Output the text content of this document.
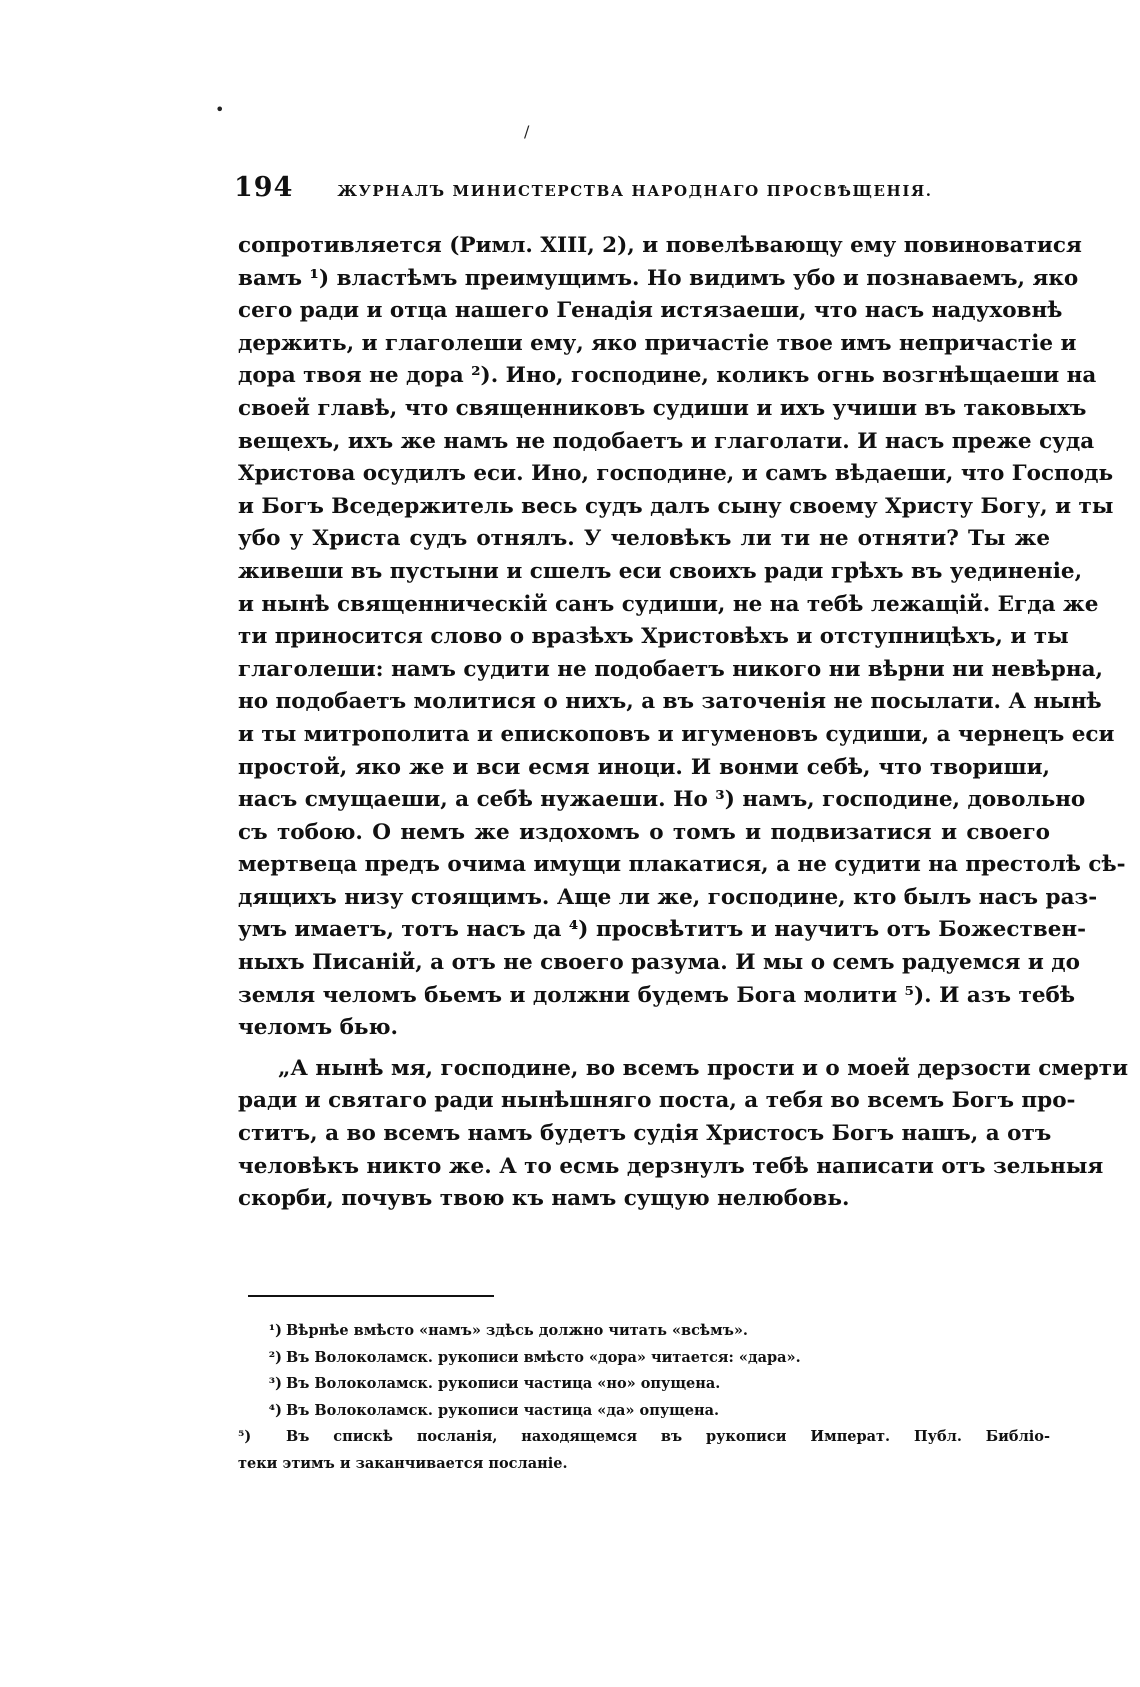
•
/
194	ЖУРНАЛЪ МИНИСТЕРСТВА НАРОДНАГО ПРОСВѢЩЕНІЯ.
сопротивляется (Римл. XIII, 2), и повелѣвающу ему повиноватися
вамъ ¹) властѣмъ преимущимъ. Но видимъ убо и познаваемъ, яко
сего ради и отца нашего Генадія истязаеши, что насъ надуховнѣ
держить, и глаголеши ему, яко причастіе твое имъ непричастіе и
дора твоя не дора ²). Ино, господине, коликъ огнь возгнѣщаеши на
своей главѣ, что священниковъ судиши и ихъ учиши въ таковыхъ
вещехъ, ихъ же намъ не подобаетъ и глаголати. И насъ преже суда
Христова осудилъ еси. Ино, господине, и самъ вѣдаеши, что Господь
и Богъ Вседержитель весь судъ далъ сыну своему Христу Богу, и ты
убо у Христа судъ отнялъ. У человѣкъ ли ти не отняти? Ты же
живеши въ пустыни и сшелъ еси своихъ ради грѣхъ въ уединеніе,
и нынѣ священническій санъ судиши, не на тебѣ лежащій. Егда же
ти приносится слово о вразѣхъ Христовѣхъ и отступницѣхъ, и ты
глаголеши: намъ судити не подобаетъ никого ни вѣрни ни невѣрна,
но подобаетъ молитися о нихъ, а въ заточенія не посылати. А нынѣ
и ты митрополита и епископовъ и игуменовъ судиши, а чернецъ еси
простой, яко же и вси есмя иноци. И вонми себѣ, что твориши,
насъ смущаеши, а себѣ нужаеши. Но ³) намъ, господине, довольно
съ тобою. О немъ же издохомъ о томъ и подвизатися и своего
мертвеца предъ очима имущи плакатися, а не судити на престолѣ сѣ-
дящихъ низу стоящимъ. Аще ли же, господине, кто былъ насъ раз-
умъ имаетъ, тотъ насъ да ⁴) просвѣтитъ и научитъ отъ Божествен-
ныхъ Писаній, а отъ не своего разума. И мы о семъ радуемся и до
земля челомъ бьемъ и должни будемъ Бога молити ⁵). И азъ тебѣ
челомъ бью.
„А нынѣ мя, господине, во всемъ прости и о моей дерзости смерти
ради и святаго ради нынѣшняго поста, а тебя во всемъ Богъ про-
ститъ, а во всемъ намъ будетъ судія Христосъ Богъ нашъ, а отъ
человѣкъ никто же. А то есмь дерзнулъ тебѣ написати отъ зельныя
скорби, почувъ твою къ намъ сущую нелюбовь.
¹) Вѣрнѣе вмѣсто «намъ» здѣсь должно читать «всѣмъ».
²) Въ Волоколамск. рукописи вмѣсто «дора» читается: «дара».
³) Въ Волоколамск. рукописи частица «но» опущена.
⁴) Въ Волоколамск. рукописи частица «да» опущена.
⁵) Въ спискѣ посланія, находящемся въ рукописи Императ. Публ. Библіо-
теки этимъ и заканчивается посланіе.
